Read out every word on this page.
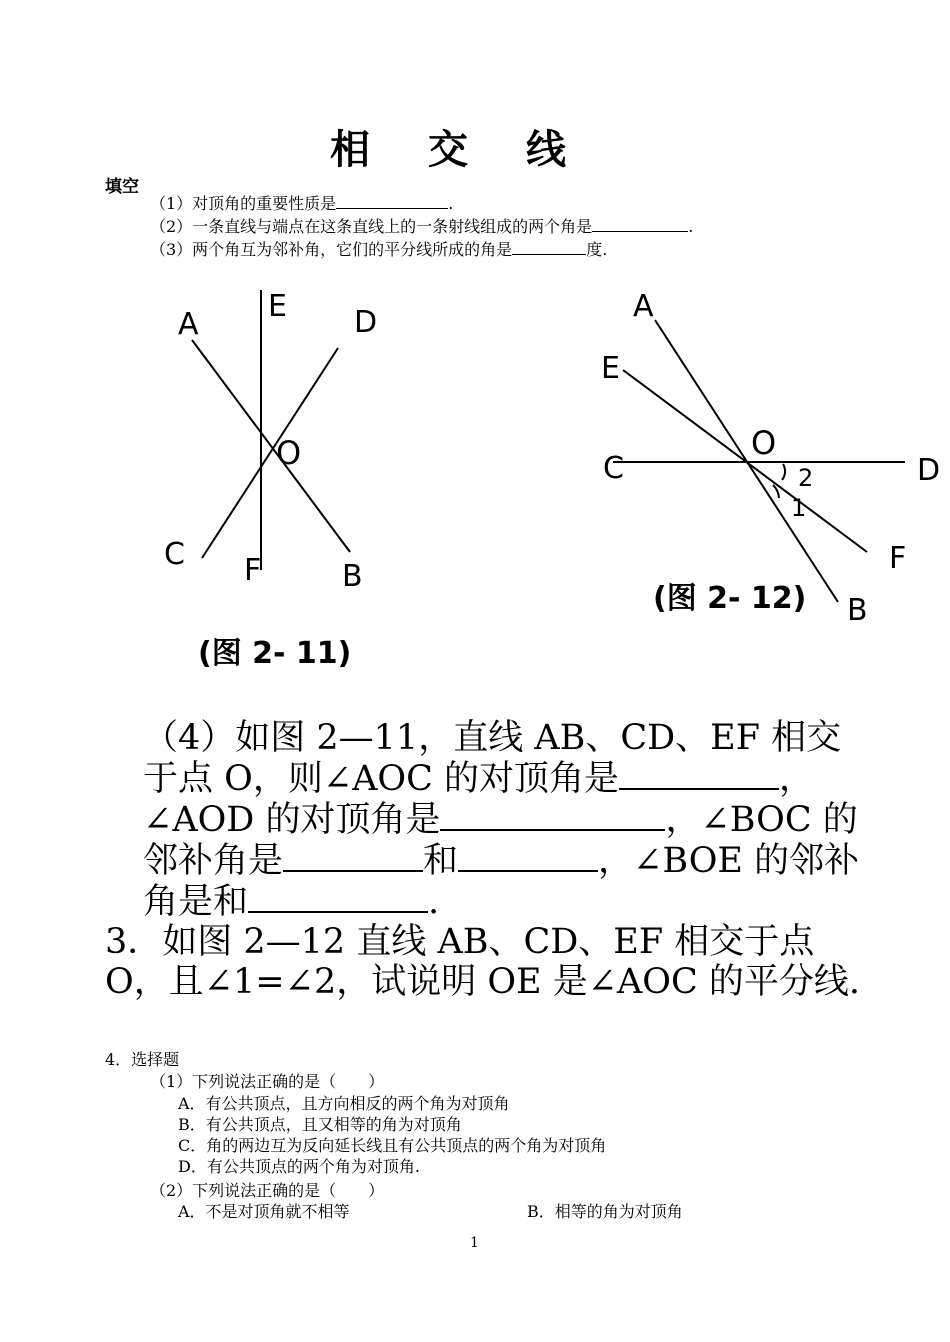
相 交 线
填空
（1）对顶角的重要性质是	.
（2）一条直线与端点在这条直线上的一条射线组成的两个角是	.
（3）两个角互为邻补角，它们的平分线所成的角是	度.
A
E D
O
C F	B
(图 2- 11)
A
E
O
C	D
2
1
F
B
(图 2- 12)

（4）如图 2—11，直线 AB、CD、EF 相交于点 O，则∠AOC 的对顶角是	，　∠AOD 的对顶角是	，∠BOC 的邻补角是	和	，∠BOE 的邻补角是和	.

3．如图 2—12 直线 AB、CD、EF 相交于点 O，且∠1=∠2，试说明 OE 是∠AOC 的平分线.

4．选择题
（1）下列说法正确的是（　　）
A．有公共顶点，且方向相反的两个角为对顶角
B．有公共顶点，且又相等的角为对顶角
C．角的两边互为反向延长线且有公共顶点的两个角为对顶角
D．有公共顶点的两个角为对顶角.
（2）下列说法正确的是（　　）
A．不是对顶角就不相等	B．相等的角为对顶角
1
